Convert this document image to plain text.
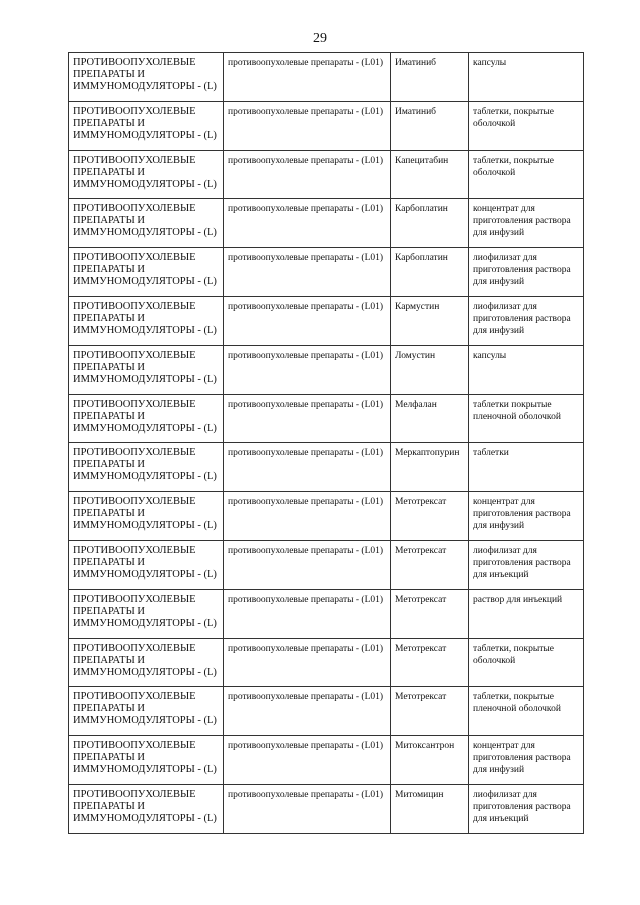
29
ПРОТИВООПУХОЛЕВЫЕ ПРЕПАРАТЫ И ИММУНОМОДУЛЯТОРЫ - (L)	противоопухолевые препараты - (L01)	Иматиниб	капсулы
ПРОТИВООПУХОЛЕВЫЕ ПРЕПАРАТЫ И ИММУНОМОДУЛЯТОРЫ - (L)	противоопухолевые препараты - (L01)	Иматиниб	таблетки, покрытые оболочкой
ПРОТИВООПУХОЛЕВЫЕ ПРЕПАРАТЫ И ИММУНОМОДУЛЯТОРЫ - (L)	противоопухолевые препараты - (L01)	Капецитабин	таблетки, покрытые оболочкой
ПРОТИВООПУХОЛЕВЫЕ ПРЕПАРАТЫ И ИММУНОМОДУЛЯТОРЫ - (L)	противоопухолевые препараты - (L01)	Карбоплатин	концентрат для приготовления раствора для инфузий
ПРОТИВООПУХОЛЕВЫЕ ПРЕПАРАТЫ И ИММУНОМОДУЛЯТОРЫ - (L)	противоопухолевые препараты - (L01)	Карбоплатин	лиофилизат для приготовления раствора для инфузий
ПРОТИВООПУХОЛЕВЫЕ ПРЕПАРАТЫ И ИММУНОМОДУЛЯТОРЫ - (L)	противоопухолевые препараты - (L01)	Кармустин	лиофилизат для приготовления раствора для инфузий
ПРОТИВООПУХОЛЕВЫЕ ПРЕПАРАТЫ И ИММУНОМОДУЛЯТОРЫ - (L)	противоопухолевые препараты - (L01)	Ломустин	капсулы
ПРОТИВООПУХОЛЕВЫЕ ПРЕПАРАТЫ И ИММУНОМОДУЛЯТОРЫ - (L)	противоопухолевые препараты - (L01)	Мелфалан	таблетки покрытые пленочной оболочкой
ПРОТИВООПУХОЛЕВЫЕ ПРЕПАРАТЫ И ИММУНОМОДУЛЯТОРЫ - (L)	противоопухолевые препараты - (L01)	Меркаптопурин	таблетки
ПРОТИВООПУХОЛЕВЫЕ ПРЕПАРАТЫ И ИММУНОМОДУЛЯТОРЫ - (L)	противоопухолевые препараты - (L01)	Метотрексат	концентрат для приготовления раствора для инфузий
ПРОТИВООПУХОЛЕВЫЕ ПРЕПАРАТЫ И ИММУНОМОДУЛЯТОРЫ - (L)	противоопухолевые препараты - (L01)	Метотрексат	лиофилизат для приготовления раствора для инъекций
ПРОТИВООПУХОЛЕВЫЕ ПРЕПАРАТЫ И ИММУНОМОДУЛЯТОРЫ - (L)	противоопухолевые препараты - (L01)	Метотрексат	раствор для инъекций
ПРОТИВООПУХОЛЕВЫЕ ПРЕПАРАТЫ И ИММУНОМОДУЛЯТОРЫ - (L)	противоопухолевые препараты - (L01)	Метотрексат	таблетки, покрытые оболочкой
ПРОТИВООПУХОЛЕВЫЕ ПРЕПАРАТЫ И ИММУНОМОДУЛЯТОРЫ - (L)	противоопухолевые препараты - (L01)	Метотрексат	таблетки, покрытые пленочной оболочкой
ПРОТИВООПУХОЛЕВЫЕ ПРЕПАРАТЫ И ИММУНОМОДУЛЯТОРЫ - (L)	противоопухолевые препараты - (L01)	Митоксантрон	концентрат для приготовления раствора для инфузий
ПРОТИВООПУХОЛЕВЫЕ ПРЕПАРАТЫ И ИММУНОМОДУЛЯТОРЫ - (L)	противоопухолевые препараты - (L01)	Митомицин	лиофилизат для приготовления раствора для инъекций
